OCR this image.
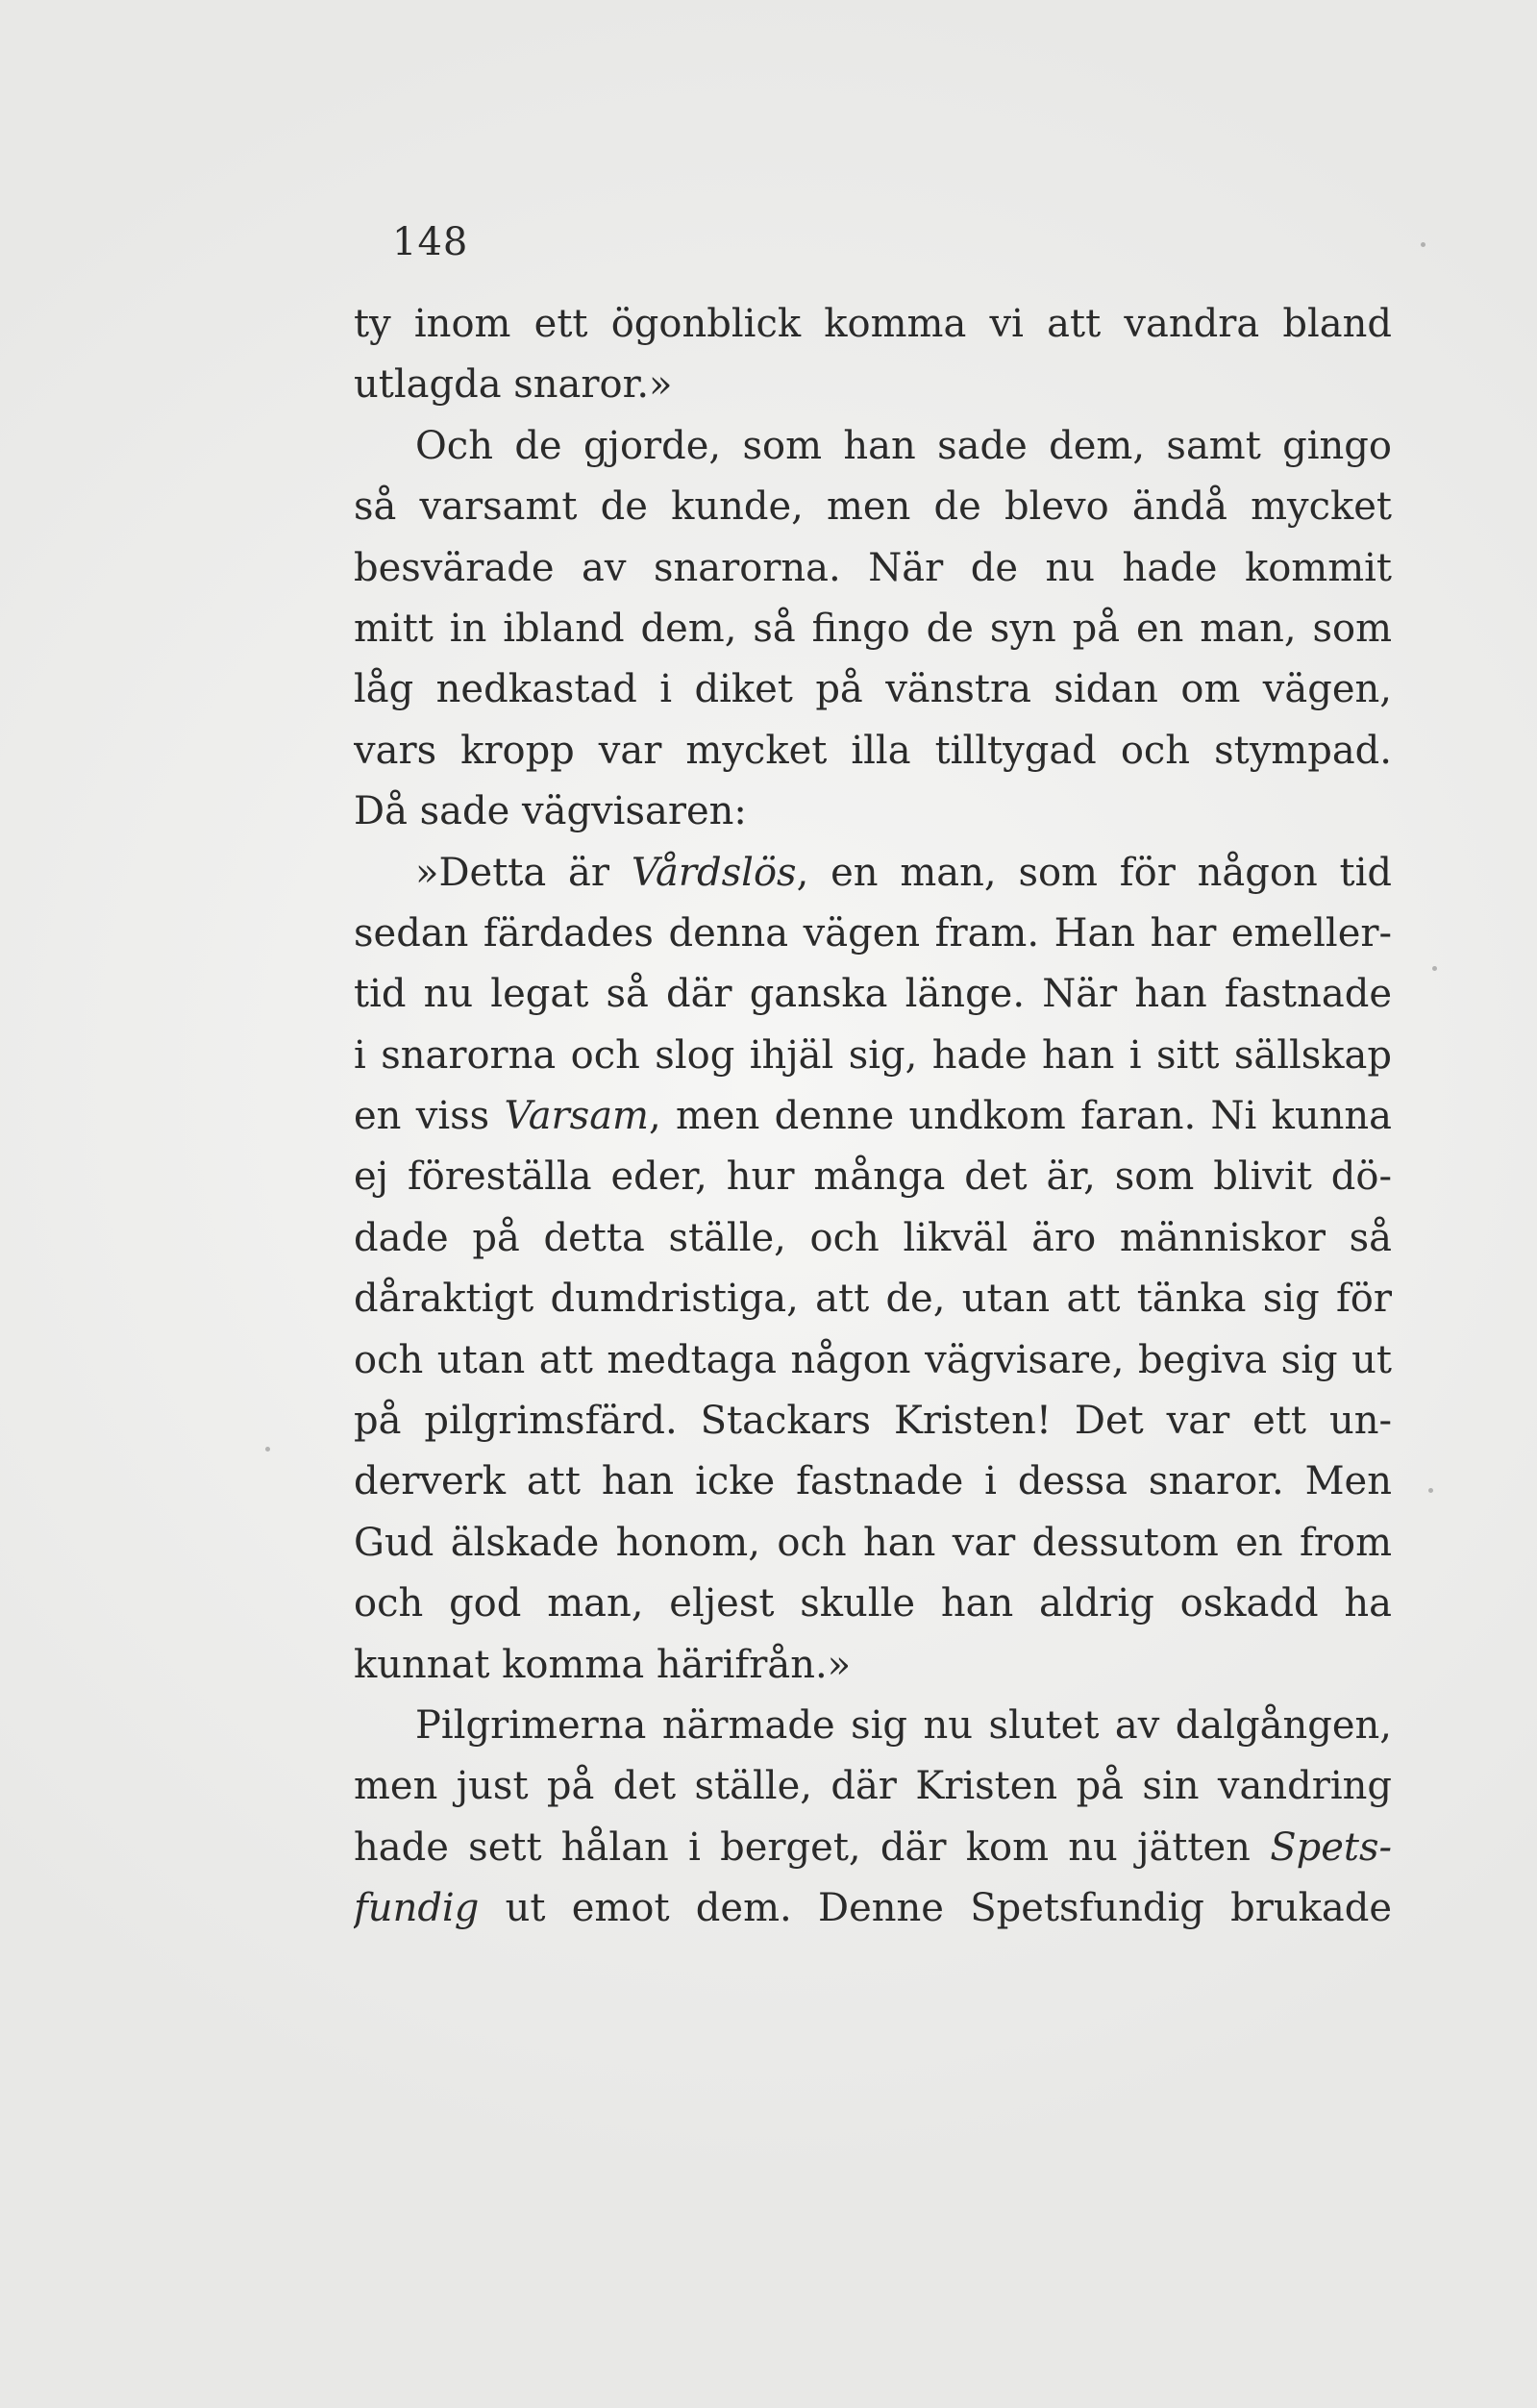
148
ty inom ett ögonblick komma vi att vandra bland
utlagda snaror.»
Och de gjorde, som han sade dem, samt gingo
så varsamt de kunde, men de blevo ändå mycket
besvärade av snarorna. När de nu hade kommit
mitt in ibland dem, så fingo de syn på en man, som
låg nedkastad i diket på vänstra sidan om vägen,
vars kropp var mycket illa tilltygad och stympad.
Då sade vägvisaren:
»Detta är Vårdslös, en man, som för någon tid
sedan färdades denna vägen fram. Han har emeller-
tid nu legat så där ganska länge. När han fastnade
i snarorna och slog ihjäl sig, hade han i sitt sällskap
en viss Varsam, men denne undkom faran. Ni kunna
ej föreställa eder, hur många det är, som blivit dö-
dade på detta ställe, och likväl äro människor så
dåraktigt dumdristiga, att de, utan att tänka sig för
och utan att medtaga någon vägvisare, begiva sig ut
på pilgrimsfärd. Stackars Kristen! Det var ett un-
derverk att han icke fastnade i dessa snaror. Men
Gud älskade honom, och han var dessutom en from
och god man, eljest skulle han aldrig oskadd ha
kunnat komma härifrån.»
Pilgrimerna närmade sig nu slutet av dalgången,
men just på det ställe, där Kristen på sin vandring
hade sett hålan i berget, där kom nu jätten Spets-
fundig ut emot dem. Denne Spetsfundig brukade
